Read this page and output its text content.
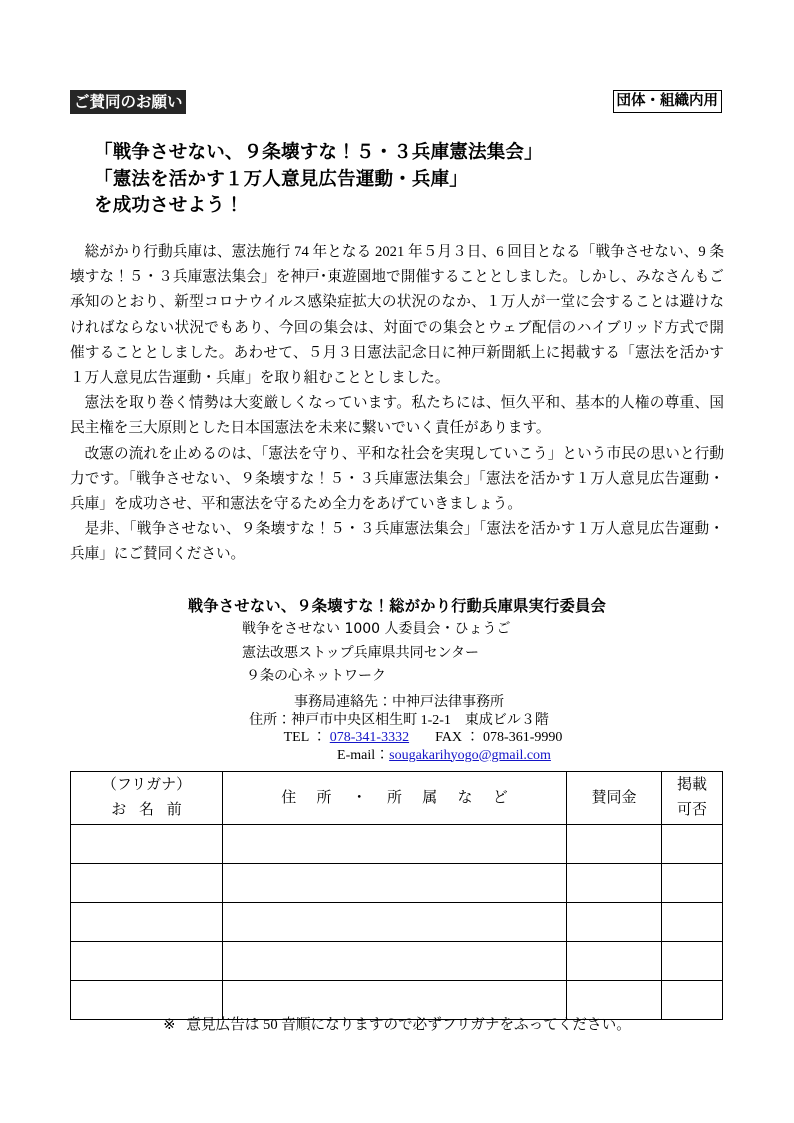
ご賛同のお願い	団体・組織内用
「戦争させない、９条壊すな！５・３兵庫憲法集会」
「憲法を活かす１万人意見広告運動・兵庫」
を成功させよう！

総がかり行動兵庫は、憲法施行 74 年となる 2021 年５月３日、6 回目となる「戦争させない、9 条壊すな！５・３兵庫憲法集会」を神戸･東遊園地で開催することとしました。しかし、みなさんもご承知のとおり、新型コロナウイルス感染症拡大の状況のなか、１万人が一堂に会することは避けなければならない状況でもあり、今回の集会は、対面での集会とウェブ配信のハイブリッド方式で開催することとしました。あわせて、５月３日憲法記念日に神戸新聞紙上に掲載する「憲法を活かす１万人意見広告運動・兵庫」を取り組むこととしました。

憲法を取り巻く情勢は大変厳しくなっています。私たちには、恒久平和、基本的人権の尊重、国民主権を三大原則とした日本国憲法を未来に繋いでいく責任があります。

改憲の流れを止めるのは、「憲法を守り、平和な社会を実現していこう」という市民の思いと行動力です。「戦争させない、９条壊すな！５・３兵庫憲法集会」「憲法を活かす１万人意見広告運動・兵庫」を成功させ、平和憲法を守るため全力をあげていきましょう。

是非、「戦争させない、９条壊すな！５・３兵庫憲法集会」「憲法を活かす１万人意見広告運動・兵庫」にご賛同ください。

戦争させない、９条壊すな！総がかり行動兵庫県実行委員会
戦争をさせない 1000 人委員会・ひょうご
憲法改悪ストップ兵庫県共同センター
９条の心ネットワーク
事務局連絡先：中神戸法律事務所
住所：神戸市中央区相生町 1-2-1　東成ビル３階
TEL ： 078-341-3332 FAX ： 078-361-9990
E-mail：sougakarihyogo@gmail.com
（フリガナ）
お 名 前	住 所 ・ 所 属 な ど	賛同金	掲載
可否

※ 意見広告は 50 音順になりますので必ずフリガナをふってください。
